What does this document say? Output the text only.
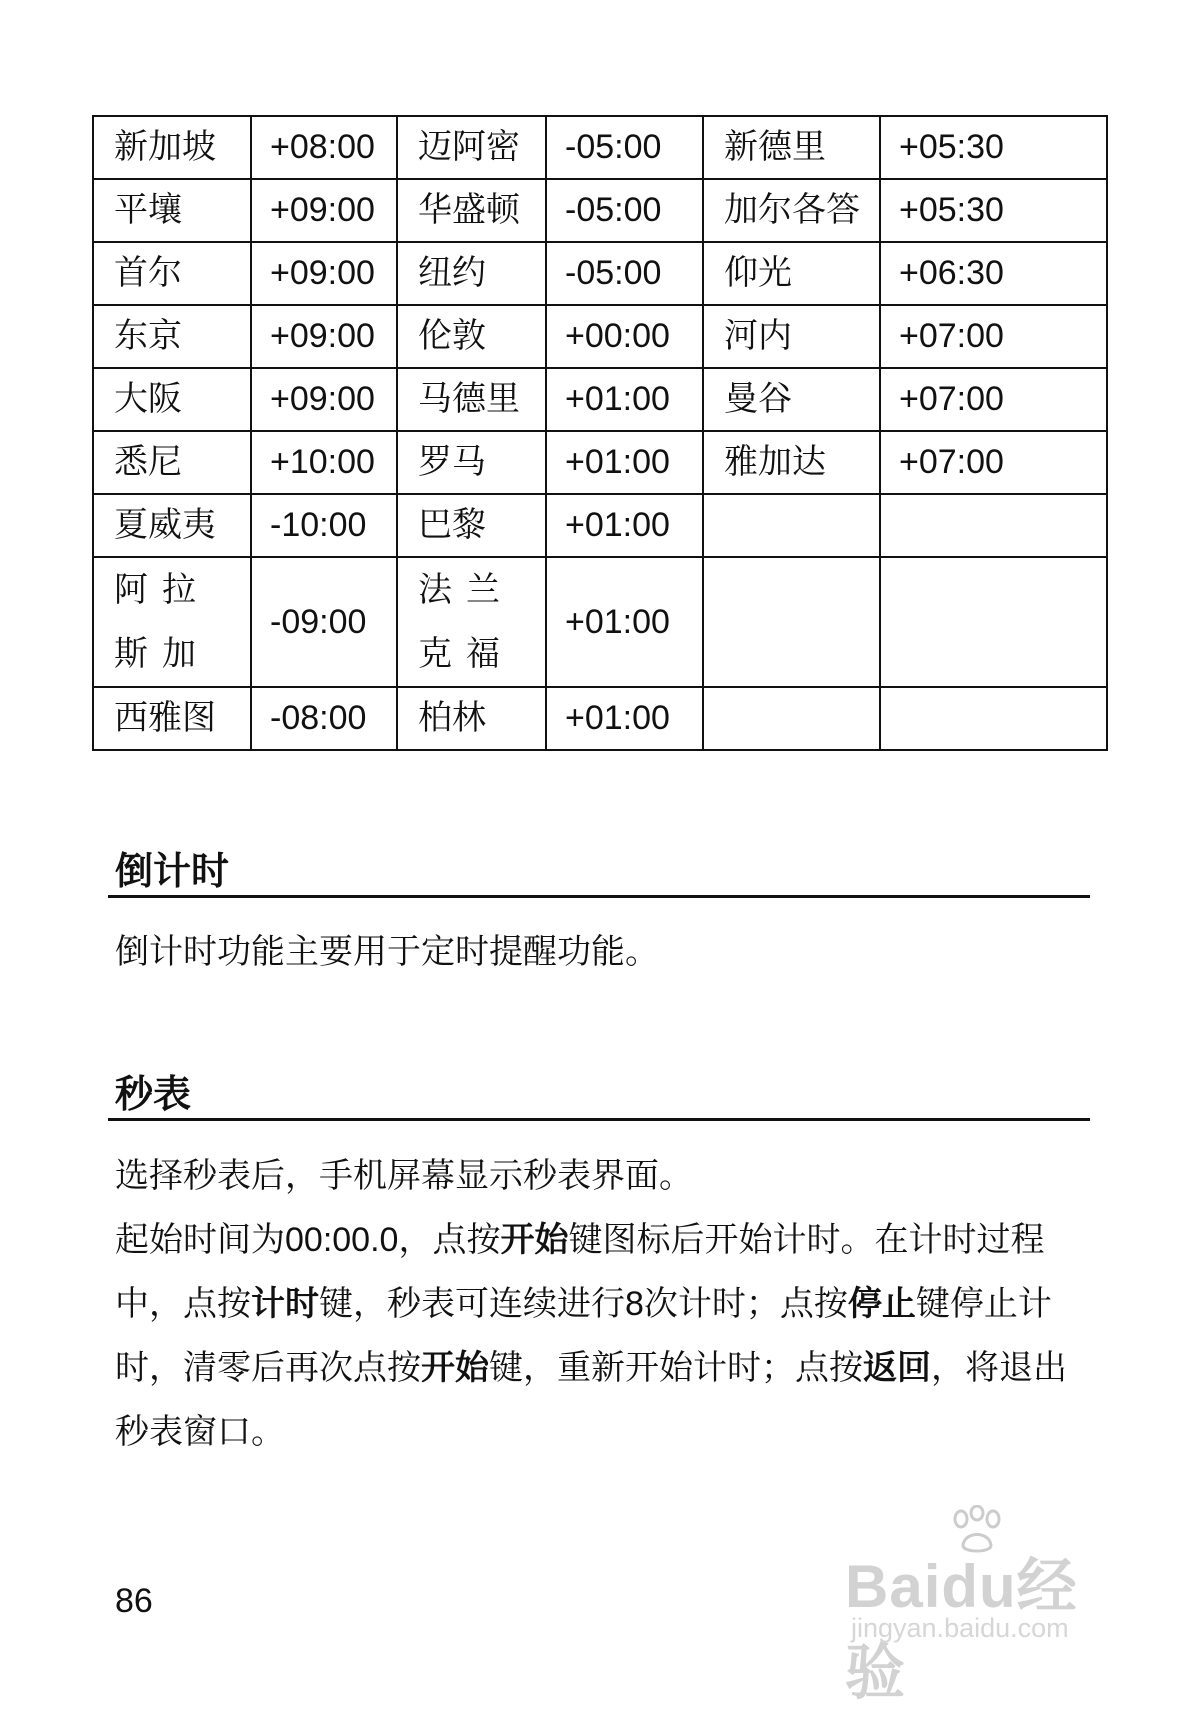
新加坡	+08:00	迈阿密	-05:00	新德里	+05:30
平壤	+09:00	华盛顿	-05:00	加尔各答	+05:30
首尔	+09:00	纽约	-05:00	仰光	+06:30
东京	+09:00	伦敦	+00:00	河内	+07:00
大阪	+09:00	马德里	+01:00	曼谷	+07:00
悉尼	+10:00	罗马	+01:00	雅加达	+07:00
夏威夷	-10:00	巴黎	+01:00		
阿拉斯加	-09:00	法兰克福	+01:00		
西雅图	-08:00	柏林	+01:00		
倒计时

倒计时功能主要用于定时提醒功能。

秒表

选择秒表后，手机屏幕显示秒表界面。

起始时间为00:00.0，点按开始键图标后开始计时。在计时过程中，点按计时键，秒表可连续进行8次计时；点按停止键停止计时，清零后再次点按开始键，重新开始计时；点按返回，将退出秒表窗口。

86	Baidu经验
jingyan.baidu.com
